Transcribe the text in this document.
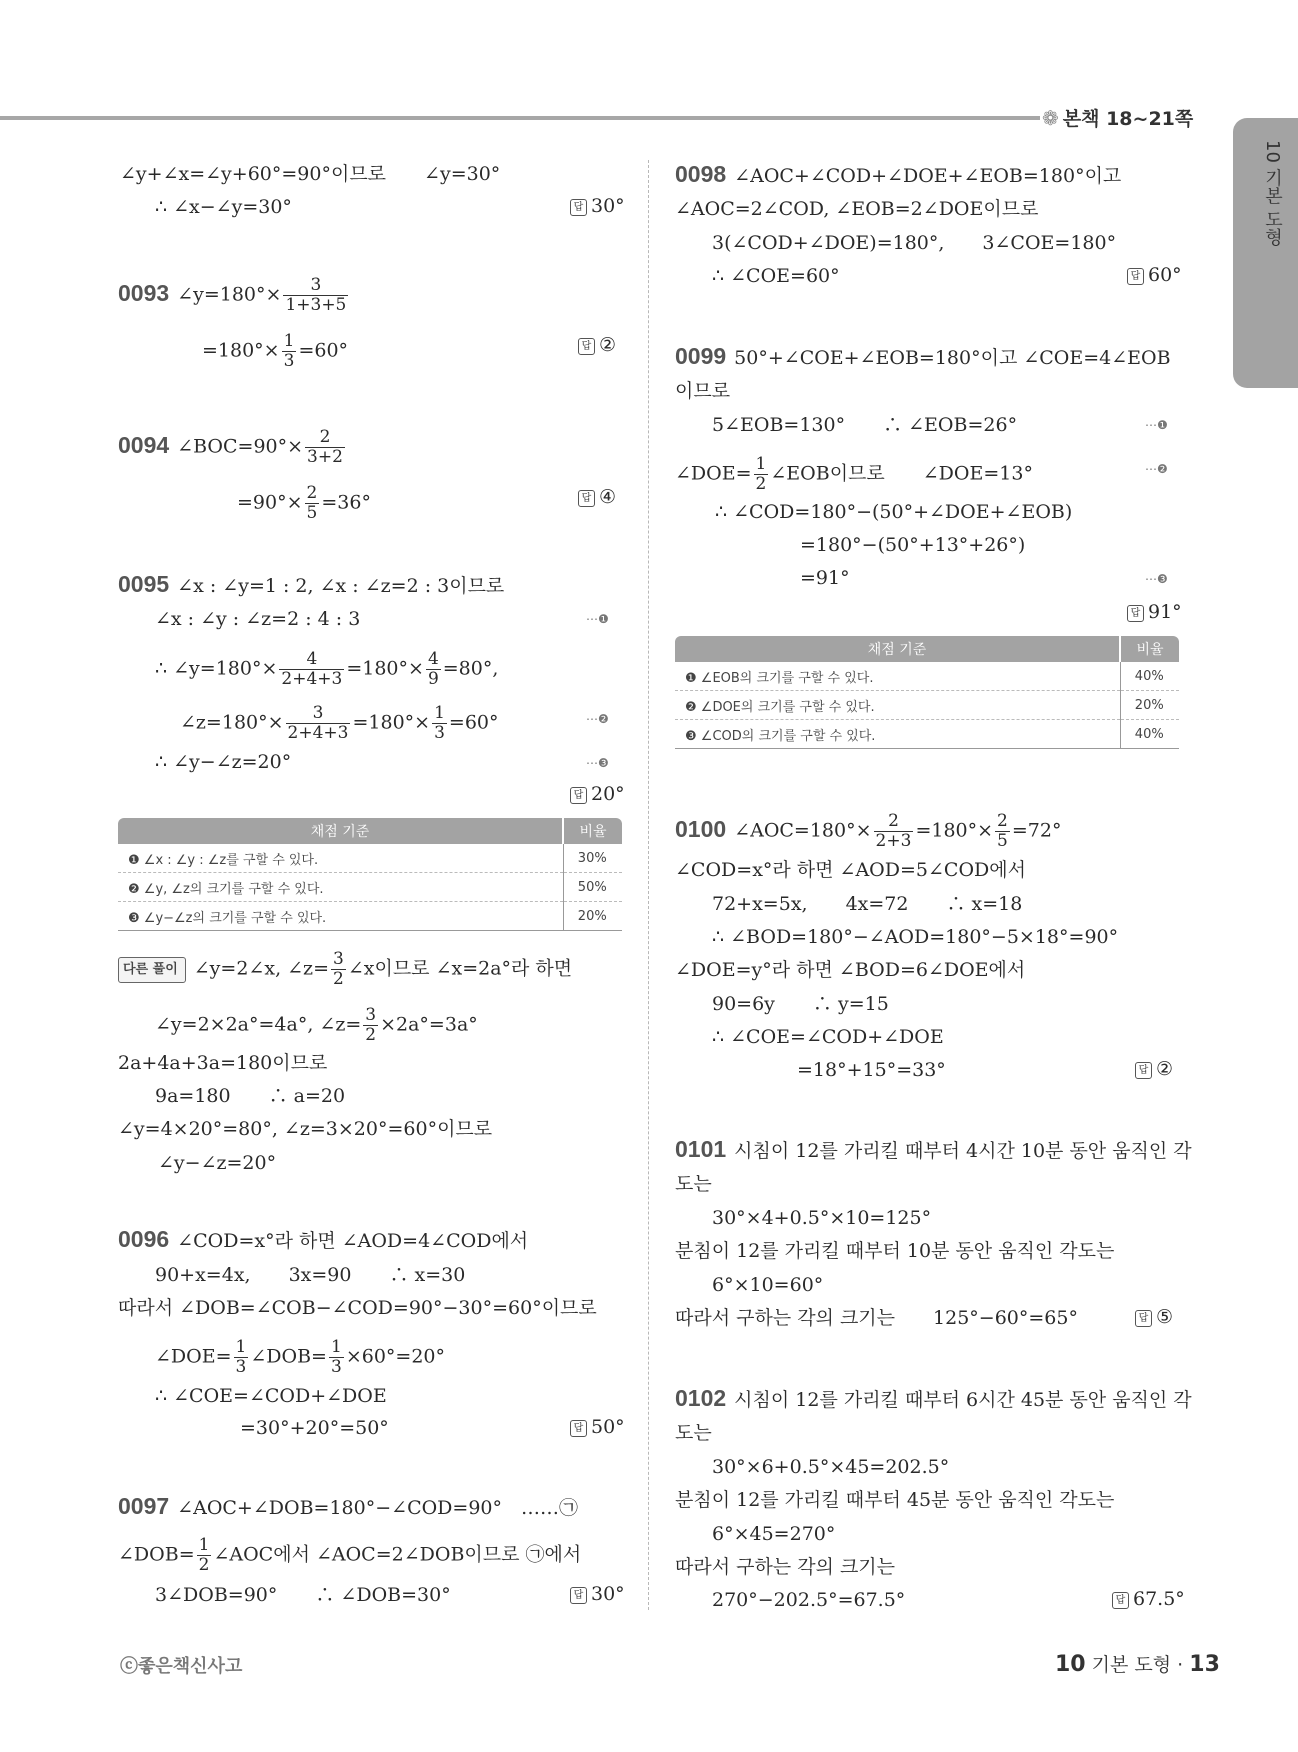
❁ 본책 18~21쪽
10 기본 도형
∠y+∠x=∠y+60°=90°이므로　　∠y=30°
∴ ∠x−∠y=30°	답 30°
0093 ∠y=180°× $\frac{3}{1+3+5}$
$=180^\circ\times \frac{1}{3} =60^\circ$	답 ②
0094 ∠BOC=90°× $\frac{2}{3+2}$
$=90^\circ\times \frac{2}{5} =36^\circ$	답 ④
0095 ∠x : ∠y=1 : 2, ∠x : ∠z=2 : 3이므로
∠x : ∠y : ∠z=2 : 4 : 3	⋯❶
∴ ∠y=180°× $\frac{4}{2+4+3} =180^\circ\times \frac{4}{9} =80^\circ$,
∠z=180°× $\frac{3}{2+4+3} =180^\circ\times \frac{1}{3} =60^\circ$	⋯❷
∴ ∠y−∠z=20°	⋯❸
답 20°
채점 기준	비율
❶ ∠x : ∠y : ∠z를 구할 수 있다.	30%
❷ ∠y, ∠z의 크기를 구할 수 있다.	50%
❸ ∠y−∠z의 크기를 구할 수 있다.	20%
다른 풀이 ∠y=2∠x, ∠z= $\frac{3}{2}$ ∠x이므로 ∠x=2a°라 하면
∠y=2×2a°=4a°, ∠z= $\frac{3}{2} \times 2a^\circ=3a^\circ$
2a+4a+3a=180이므로
9a=180　　∴ a=20
∠y=4×20°=80°, ∠z=3×20°=60°이므로
∠y−∠z=20°
0096 ∠COD=x°라 하면 ∠AOD=4∠COD에서
90+x=4x,　　3x=90　　∴ x=30
따라서 ∠DOB=∠COB−∠COD=90°−30°=60°이므로
∠DOE= $\frac{1}{3}$ ∠DOB= $\frac{1}{3} \times 60^\circ=20^\circ$
∴ ∠COE=∠COD+∠DOE
=30°+20°=50°	답 50°
0097 ∠AOC+∠DOB=180°−∠COD=90°　……㉠
∠DOB= $\frac{1}{2}$ ∠AOC에서 ∠AOC=2∠DOB이므로 ㉠에서
3∠DOB=90°　　∴ ∠DOB=30°	답 30°
0098 ∠AOC+∠COD+∠DOE+∠EOB=180°이고
∠AOC=2∠COD, ∠EOB=2∠DOE이므로
3(∠COD+∠DOE)=180°,　　3∠COE=180°
∴ ∠COE=60°	답 60°
0099 50°+∠COE+∠EOB=180°이고 ∠COE=4∠EOB
이므로
5∠EOB=130°　　∴ ∠EOB=26°	⋯❶
∠DOE= $\frac{1}{2}$ ∠EOB이므로　　∠DOE=13°	⋯❷
∴ ∠COD=180°−(50°+∠DOE+∠EOB)
=180°−(50°+13°+26°)
=91°	⋯❸
답 91°
채점 기준	비율
❶ ∠EOB의 크기를 구할 수 있다.	40%
❷ ∠DOE의 크기를 구할 수 있다.	20%
❸ ∠COD의 크기를 구할 수 있다.	40%
0100 ∠AOC=180°× $\frac{2}{2+3} =180^\circ\times \frac{2}{5} =72^\circ$
∠COD=x°라 하면 ∠AOD=5∠COD에서
72+x=5x,　　4x=72　　∴ x=18
∴ ∠BOD=180°−∠AOD=180°−5×18°=90°
∠DOE=y°라 하면 ∠BOD=6∠DOE에서
90=6y　　∴ y=15
∴ ∠COE=∠COD+∠DOE
=18°+15°=33°	답 ②
0101 시침이 12를 가리킬 때부터 4시간 10분 동안 움직인 각
도는
30°×4+0.5°×10=125°
분침이 12를 가리킬 때부터 10분 동안 움직인 각도는
6°×10=60°
따라서 구하는 각의 크기는　　125°−60°=65°	답 ⑤
0102 시침이 12를 가리킬 때부터 6시간 45분 동안 움직인 각
도는
30°×6+0.5°×45=202.5°
분침이 12를 가리킬 때부터 45분 동안 움직인 각도는
6°×45=270°
따라서 구하는 각의 크기는
270°−202.5°=67.5°	답 67.5°
ⓒ좋은책신사고	10 기본 도형 · 13
